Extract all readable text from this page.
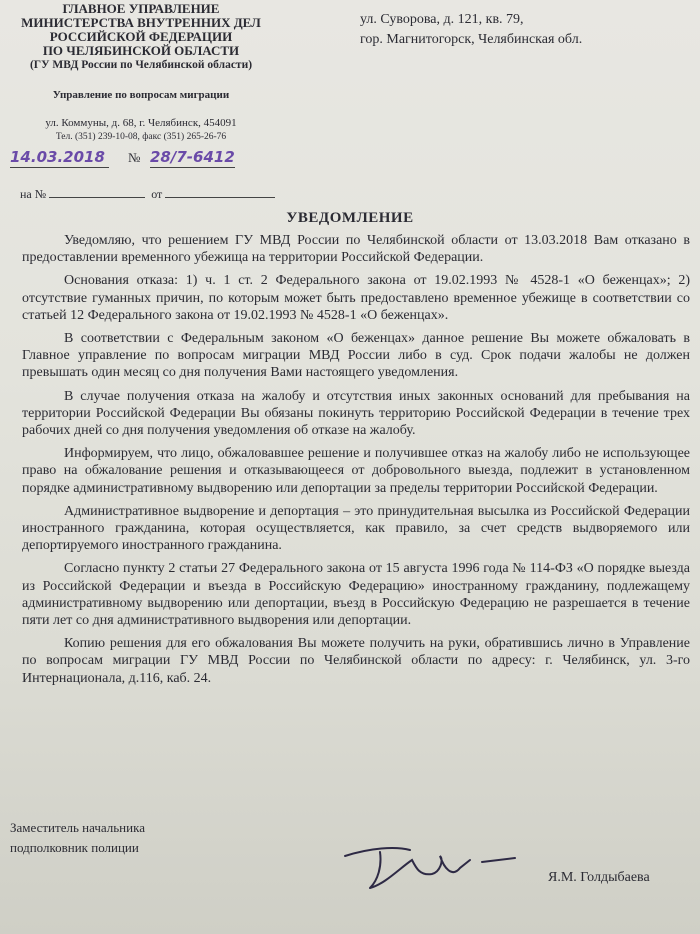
ГЛАВНОЕ УПРАВЛЕНИЕ
МИНИСТЕРСТВА ВНУТРЕННИХ ДЕЛ
РОССИЙСКОЙ ФЕДЕРАЦИИ
ПО ЧЕЛЯБИНСКОЙ ОБЛАСТИ
(ГУ МВД России по Челябинской области)
Управление по вопросам миграции
ул. Коммуны, д. 68, г. Челябинск, 454091
Тел. (351) 239-10-08, факс (351) 265-26-76
ул. Суворова, д. 121, кв. 79,
гор. Магнитогорск, Челябинская обл.
14.03.2018	№ 28/7-6412
на №	от
УВЕДОМЛЕНИЕ

Уведомляю, что решением ГУ МВД России по Челябинской области от 13.03.2018 Вам отказано в предоставлении временного убежища на территории Российской Федерации.

Основания отказа: 1) ч. 1 ст. 2 Федерального закона от 19.02.1993 № 4528-1 «О беженцах»; 2) отсутствие гуманных причин, по которым может быть предоставлено временное убежище в соответствии со статьей 12 Федерального закона от 19.02.1993 № 4528-1 «О беженцах».

В соответствии с Федеральным законом «О беженцах» данное решение Вы можете обжаловать в Главное управление по вопросам миграции МВД России либо в суд. Срок подачи жалобы не должен превышать один месяц со дня получения Вами настоящего уведомления.

В случае получения отказа на жалобу и отсутствия иных законных оснований для пребывания на территории Российской Федерации Вы обязаны покинуть территорию Российской Федерации в течение трех рабочих дней со дня получения уведомления об отказе на жалобу.

Информируем, что лицо, обжаловавшее решение и получившее отказ на жалобу либо не использующее право на обжалование решения и отказывающееся от добровольного выезда, подлежит в установленном порядке административному выдворению или депортации за пределы территории Российской Федерации.

Административное выдворение и депортация – это принудительная высылка из Российской Федерации иностранного гражданина, которая осуществляется, как правило, за счет средств выдворяемого или депортируемого иностранного гражданина.

Согласно пункту 2 статьи 27 Федерального закона от 15 августа 1996 года № 114-ФЗ «О порядке выезда из Российской Федерации и въезда в Российскую Федерацию» иностранному гражданину, подлежащему административному выдворению или депортации, въезд в Российскую Федерацию не разрешается в течение пяти лет со дня административного выдворения или депортации.

Копию решения для его обжалования Вы можете получить на руки, обратившись лично в Управление по вопросам миграции ГУ МВД России по Челябинской области по адресу: г. Челябинск, ул. 3-го Интернационала, д.116, каб. 24.

Заместитель начальника
подполковник полиции
Я.М. Голдыбаева
